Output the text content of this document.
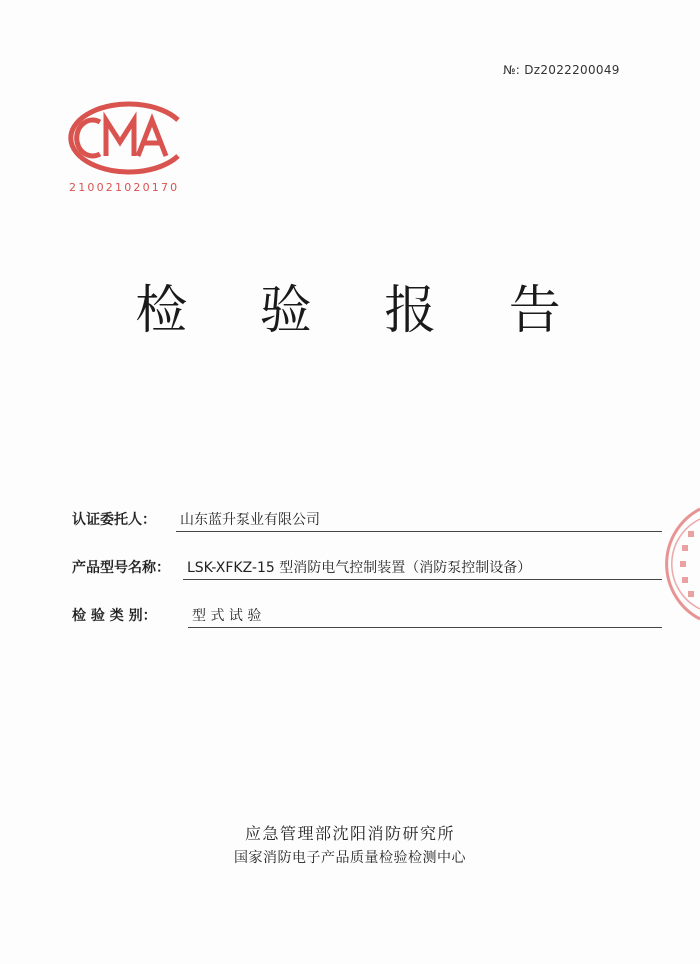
№: Dz2022200049
210021020170
检 验 报 告
认证委托人： 山东蓝升泵业有限公司
产品型号名称： LSK-XFKZ-15 型消防电气控制装置（消防泵控制设备）
检 验 类 别：	型 式 试 验
应急管理部沈阳消防研究所
国家消防电子产品质量检验检测中心
